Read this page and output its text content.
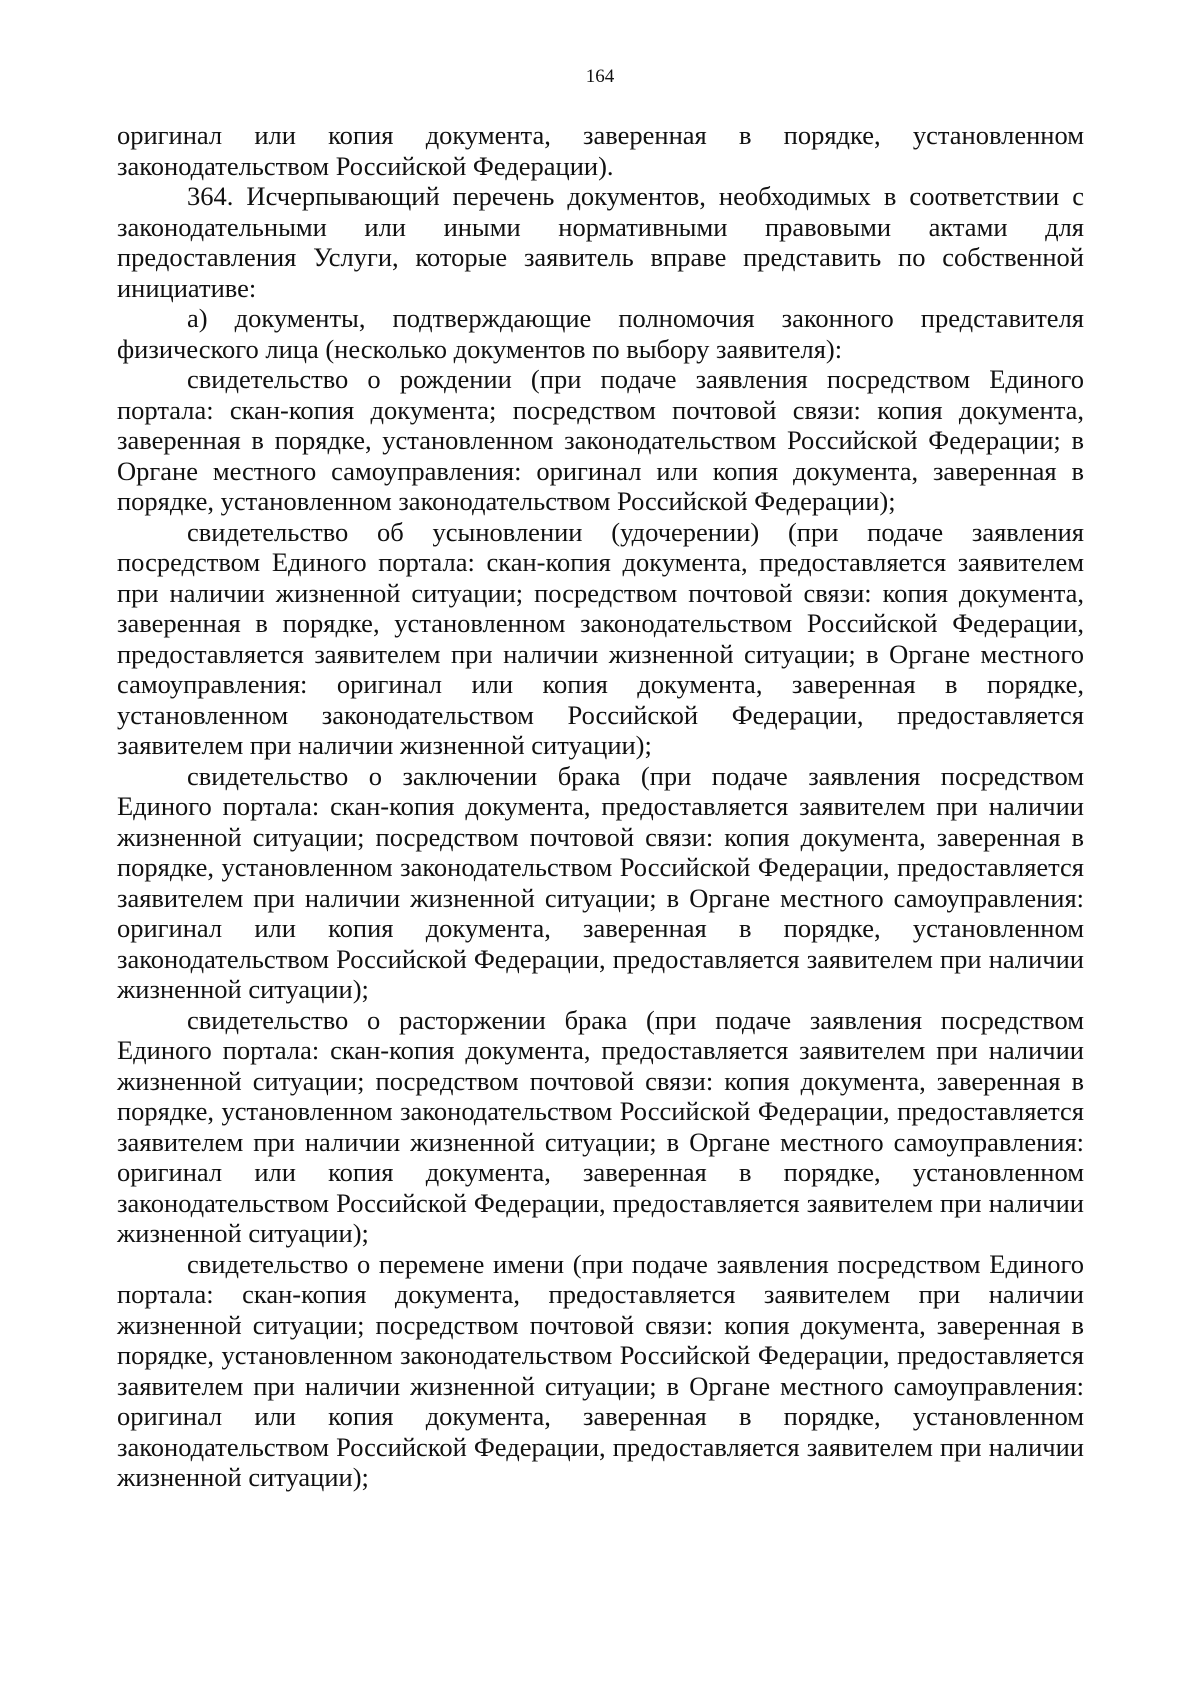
164

оригинал или копия документа, заверенная в порядке, установленном законодательством Российской Федерации).

364. Исчерпывающий перечень документов, необходимых в соответствии с законодательными или иными нормативными правовыми актами для предоставления Услуги, которые заявитель вправе представить по собственной инициативе:

а) документы, подтверждающие полномочия законного представителя физического лица (несколько документов по выбору заявителя):

свидетельство о рождении (при подаче заявления посредством Единого портала: скан-копия документа; посредством почтовой связи: копия документа, заверенная в порядке, установленном законодательством Российской Федерации; в Органе местного самоуправления: оригинал или копия документа, заверенная в порядке, установленном законодательством Российской Федерации);

свидетельство об усыновлении (удочерении) (при подаче заявления посредством Единого портала: скан-копия документа, предоставляется заявителем при наличии жизненной ситуации; посредством почтовой связи: копия документа, заверенная в порядке, установленном законодательством Российской Федерации, предоставляется заявителем при наличии жизненной ситуации; в Органе местного самоуправления: оригинал или копия документа, заверенная в порядке, установленном законодательством Российской Федерации, предоставляется заявителем при наличии жизненной ситуации);

свидетельство о заключении брака (при подаче заявления посредством Единого портала: скан-копия документа, предоставляется заявителем при наличии жизненной ситуации; посредством почтовой связи: копия документа, заверенная в порядке, установленном законодательством Российской Федерации, предоставляется заявителем при наличии жизненной ситуации; в Органе местного самоуправления: оригинал или копия документа, заверенная в порядке, установленном законодательством Российской Федерации, предоставляется заявителем при наличии жизненной ситуации);

свидетельство о расторжении брака (при подаче заявления посредством Единого портала: скан-копия документа, предоставляется заявителем при наличии жизненной ситуации; посредством почтовой связи: копия документа, заверенная в порядке, установленном законодательством Российской Федерации, предоставляется заявителем при наличии жизненной ситуации; в Органе местного самоуправления: оригинал или копия документа, заверенная в порядке, установленном законодательством Российской Федерации, предоставляется заявителем при наличии жизненной ситуации);

свидетельство о перемене имени (при подаче заявления посредством Единого портала: скан-копия документа, предоставляется заявителем при наличии жизненной ситуации; посредством почтовой связи: копия документа, заверенная в порядке, установленном законодательством Российской Федерации, предоставляется заявителем при наличии жизненной ситуации; в Органе местного самоуправления: оригинал или копия документа, заверенная в порядке, установленном законодательством Российской Федерации, предоставляется заявителем при наличии жизненной ситуации);
